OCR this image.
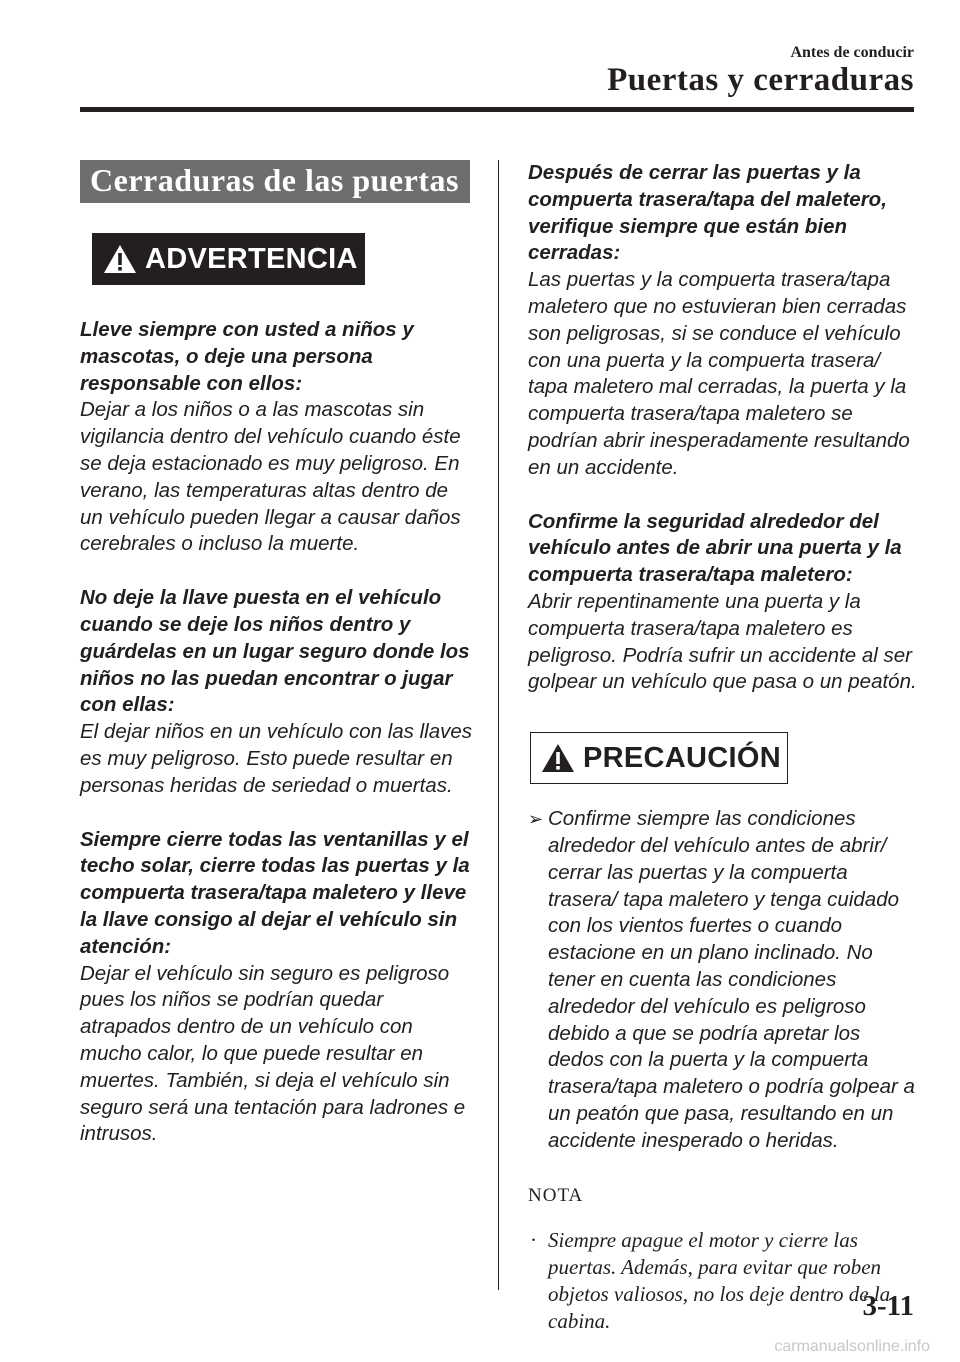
Antes de conducir
Puertas y cerraduras
Cerraduras de las puertas
ADVERTENCIA

Lleve siempre con usted a niños y mascotas, o deje una persona responsable con ellos:
Dejar a los niños o a las mascotas sin vigilancia dentro del vehículo cuando éste se deja estacionado es muy peligroso. En verano, las temperaturas altas dentro de un vehículo pueden llegar a causar daños cerebrales o incluso la muerte.

No deje la llave puesta en el vehículo cuando se deje los niños dentro y guárdelas en un lugar seguro donde los niños no las puedan encontrar o jugar con ellas:
El dejar niños en un vehículo con las llaves es muy peligroso. Esto puede resultar en personas heridas de seriedad o muertas.

Siempre cierre todas las ventanillas y el techo solar, cierre todas las puertas y la compuerta trasera/tapa maletero y lleve la llave consigo al dejar el vehículo sin atención:
Dejar el vehículo sin seguro es peligroso pues los niños se podrían quedar atrapados dentro de un vehículo con mucho calor, lo que puede resultar en muertes. También, si deja el vehículo sin seguro será una tentación para ladrones e intrusos.

Después de cerrar las puertas y la compuerta trasera/tapa del maletero, verifique siempre que están bien cerradas:
Las puertas y la compuerta trasera/tapa maletero que no estuvieran bien cerradas son peligrosas, si se conduce el vehículo con una puerta y la compuerta trasera/ tapa maletero mal cerradas, la puerta y la compuerta trasera/tapa maletero se podrían abrir inesperadamente resultando en un accidente.

Confirme la seguridad alrededor del vehículo antes de abrir una puerta y la compuerta trasera/tapa maletero:
Abrir repentinamente una puerta y la compuerta trasera/tapa maletero es peligroso. Podría sufrir un accidente al ser golpear un vehículo que pasa o un peatón.

PRECAUCIÓN
➢ Confirme siempre las condiciones alrededor del vehículo antes de abrir/ cerrar las puertas y la compuerta trasera/ tapa maletero y tenga cuidado con los vientos fuertes o cuando estacione en un plano inclinado. No tener en cuenta las condiciones alrededor del vehículo es peligroso debido a que se podría apretar los dedos con la puerta y la compuerta trasera/tapa maletero o podría golpear a un peatón que pasa, resultando en un accidente inesperado o heridas.
NOTA
· Siempre apague el motor y cierre las puertas. Además, para evitar que roben objetos valiosos, no los deje dentro de la cabina.	3-11
carmanualsonline.info
